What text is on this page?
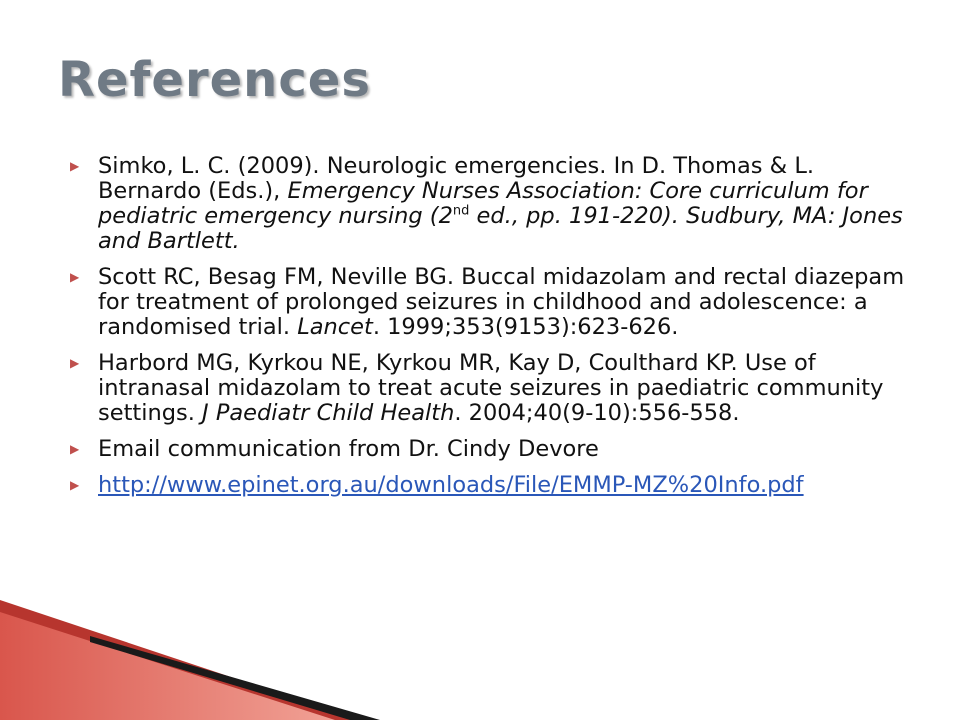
References
▶ Simko, L. C. (2009). Neurologic emergencies. In D. Thomas & L. Bernardo (Eds.), Emergency Nurses Association: Core curriculum for pediatric emergency nursing (2nd ed., pp. 191-220). Sudbury, MA: Jones and Bartlett.
▶ Scott RC, Besag FM, Neville BG. Buccal midazolam and rectal diazepam for treatment of prolonged seizures in childhood and adolescence: a randomised trial. Lancet. 1999;353(9153):623-626.
▶ Harbord MG, Kyrkou NE, Kyrkou MR, Kay D, Coulthard KP. Use of intranasal midazolam to treat acute seizures in paediatric community settings. J Paediatr Child Health. 2004;40(9-10):556-558.
▶ Email communication from Dr. Cindy Devore
▶ http://www.epinet.org.au/downloads/File/EMMP-MZ%20Info.pdf
